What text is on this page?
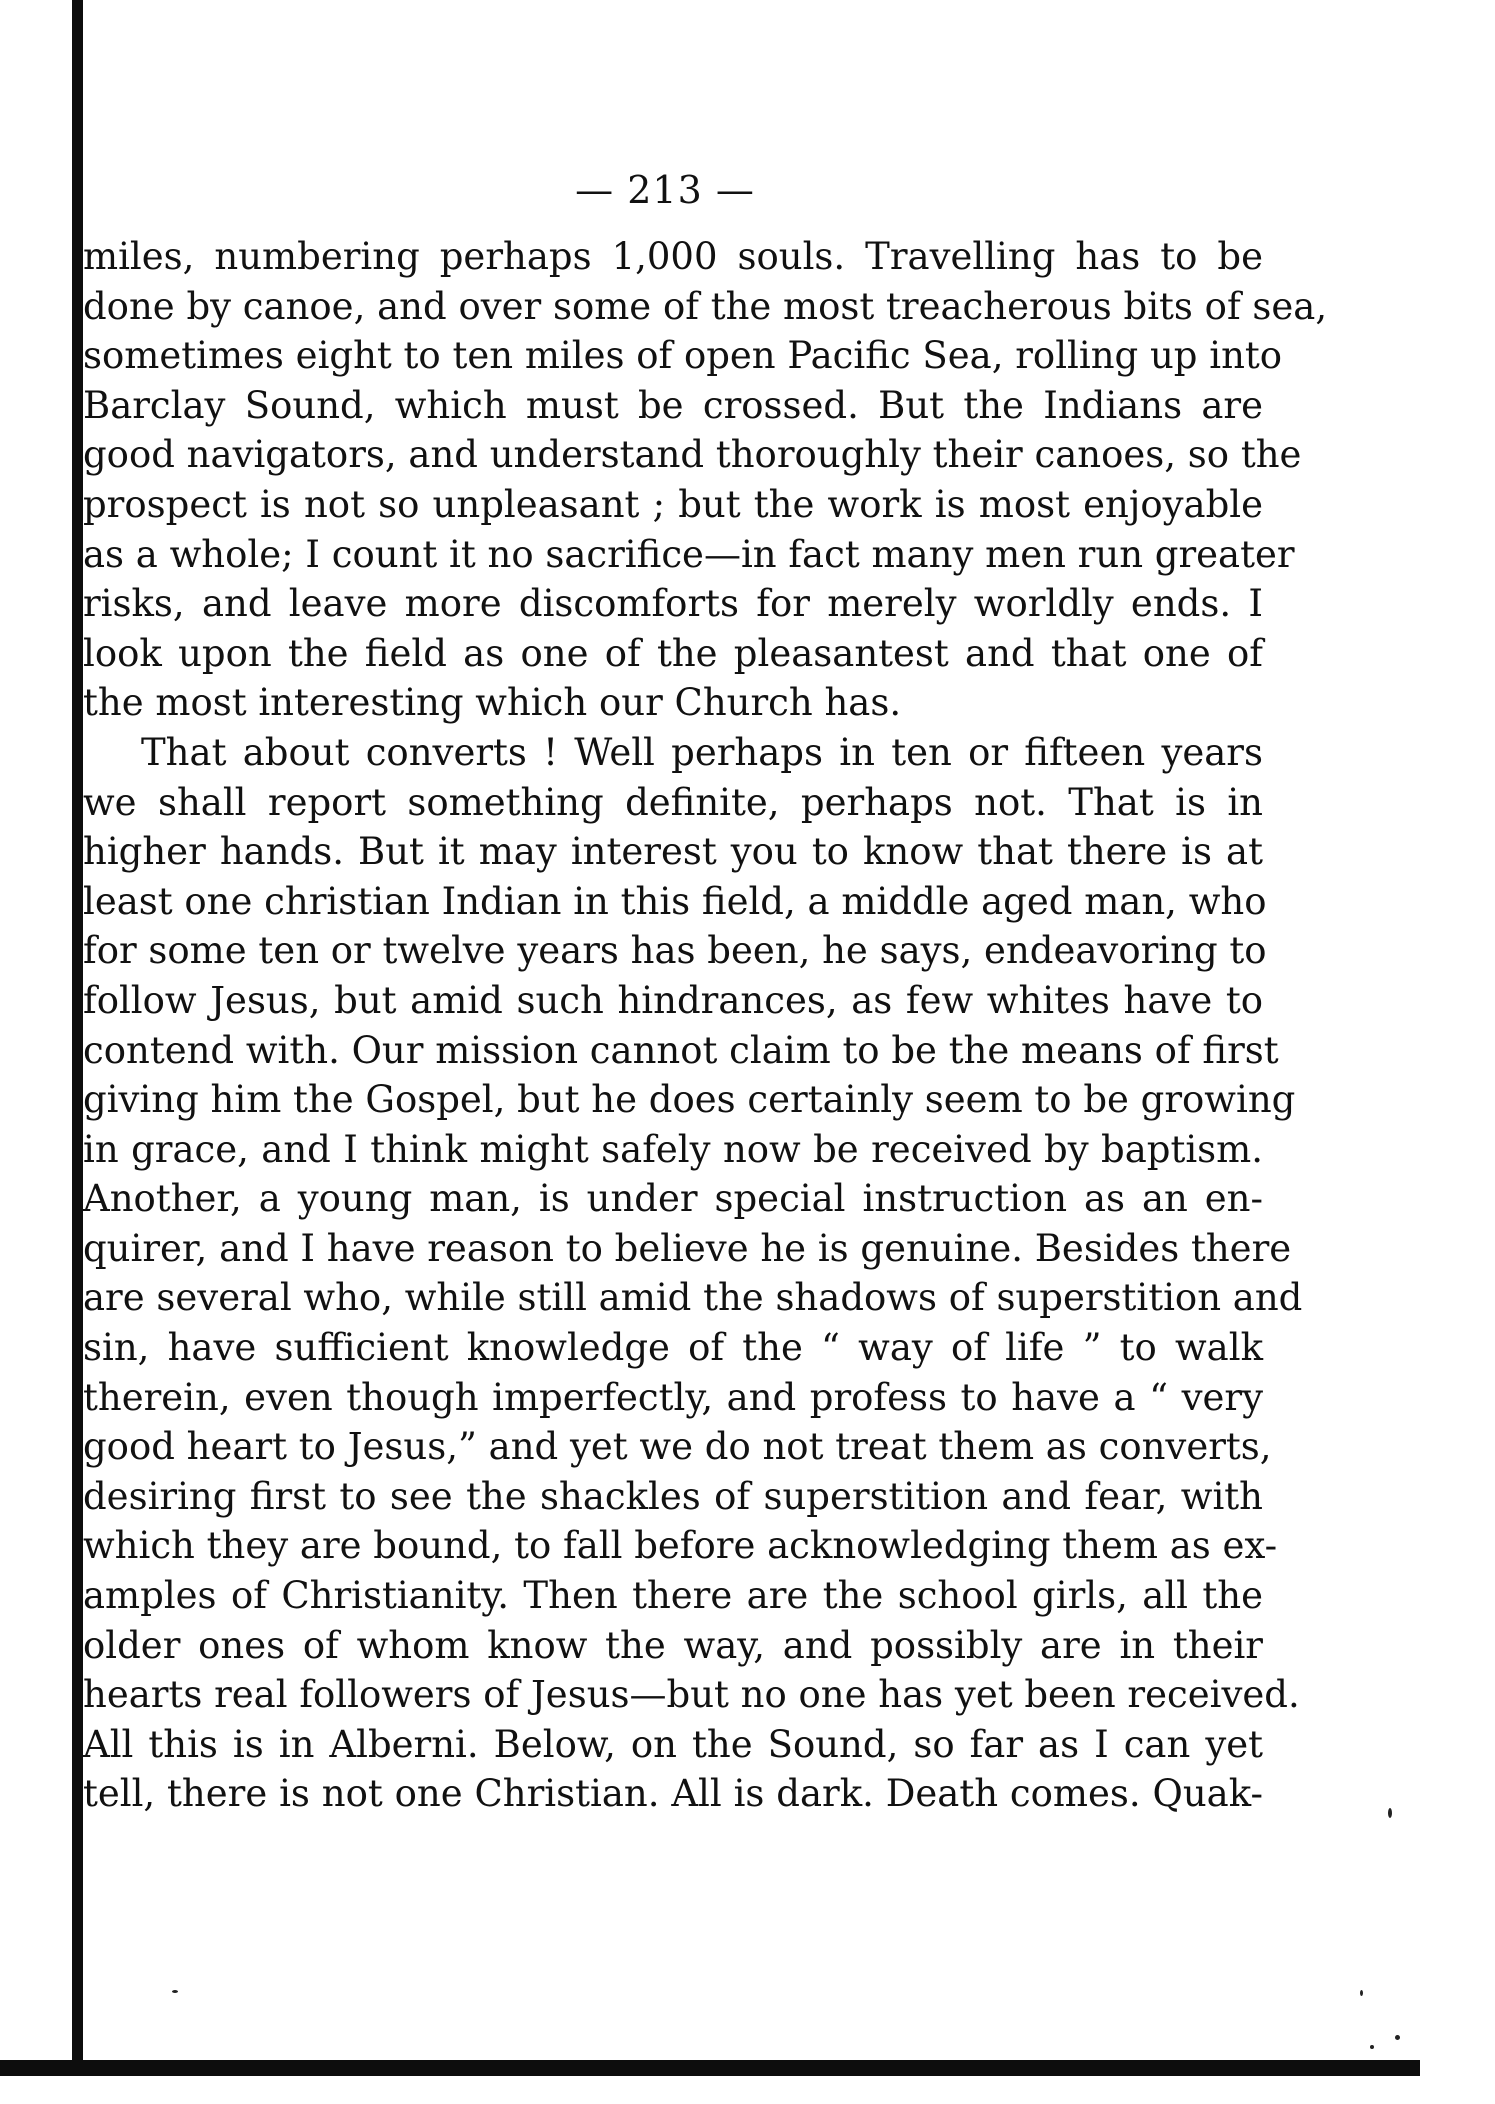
— 213 —
miles, numbering perhaps 1,000 souls. Travelling has to be
done by canoe, and over some of the most treacherous bits of sea,
sometimes eight to ten miles of open Pacific Sea, rolling up into
Barclay Sound, which must be crossed. But the Indians are
good navigators, and understand thoroughly their canoes, so the
prospect is not so unpleasant ; but the work is most enjoyable
as a whole; I count it no sacrifice—in fact many men run greater
risks, and leave more discomforts for merely worldly ends. I
look upon the field as one of the pleasantest and that one of
the most interesting which our Church has.
That about converts ! Well perhaps in ten or fifteen years
we shall report something definite, perhaps not. That is in
higher hands. But it may interest you to know that there is at
least one christian Indian in this field, a middle aged man, who
for some ten or twelve years has been, he says, endeavoring to
follow Jesus, but amid such hindrances, as few whites have to
contend with. Our mission cannot claim to be the means of first
giving him the Gospel, but he does certainly seem to be growing
in grace, and I think might safely now be received by baptism.
Another, a young man, is under special instruction as an en-
quirer, and I have reason to believe he is genuine. Besides there
are several who, while still amid the shadows of superstition and
sin, have sufficient knowledge of the “ way of life ” to walk
therein, even though imperfectly, and profess to have a “ very
good heart to Jesus,” and yet we do not treat them as converts,
desiring first to see the shackles of superstition and fear, with
which they are bound, to fall before acknowledging them as ex-
amples of Christianity. Then there are the school girls, all the
older ones of whom know the way, and possibly are in their
hearts real followers of Jesus—but no one has yet been received.
All this is in Alberni. Below, on the Sound, so far as I can yet
tell, there is not one Christian. All is dark. Death comes. Quak-
